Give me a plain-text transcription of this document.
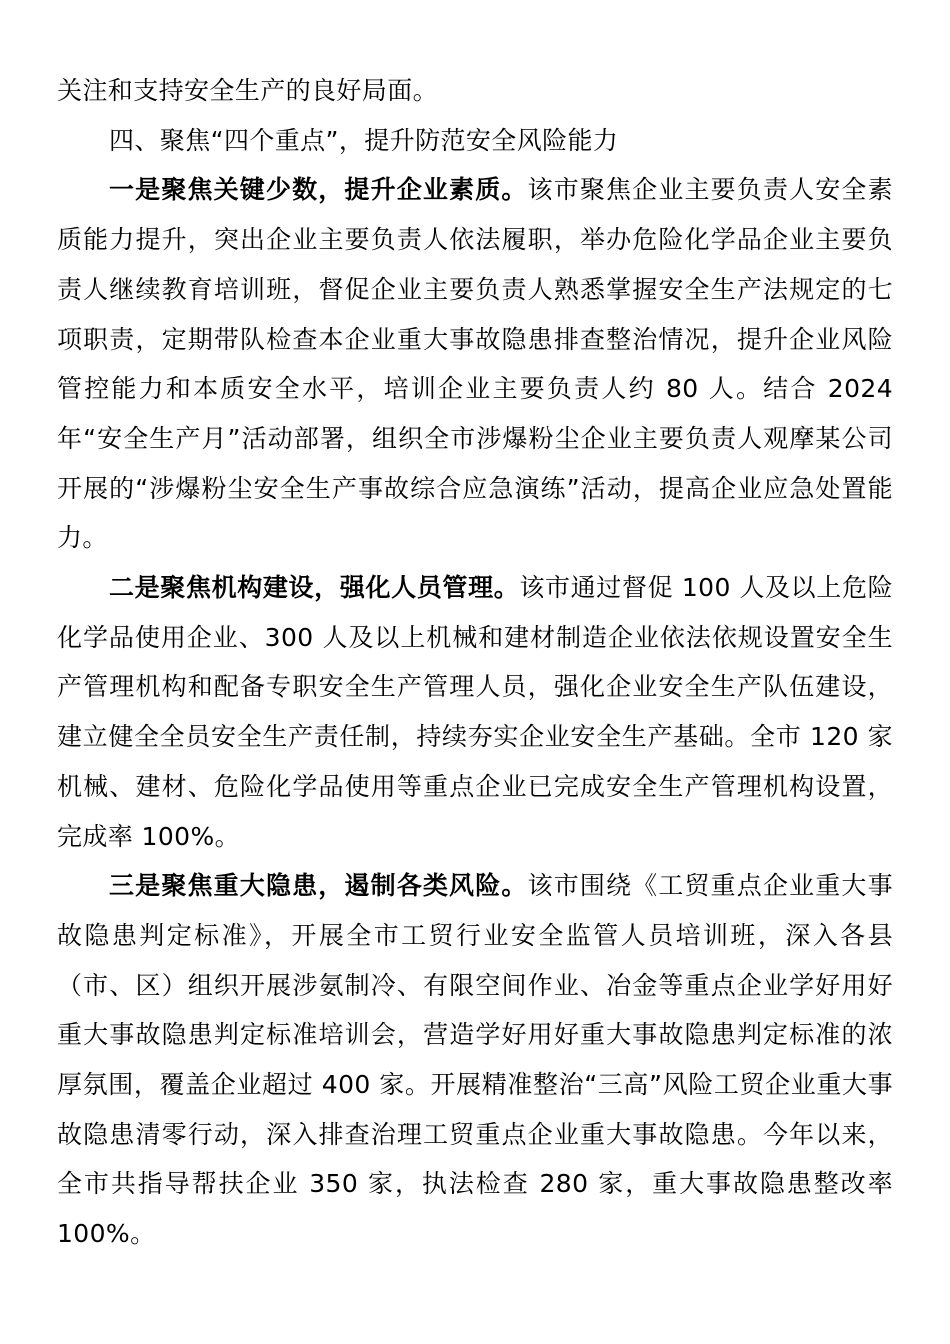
关注和支持安全生产的良好局面。

四、聚焦“四个重点”，提升防范安全风险能力

一是聚焦关键少数，提升企业素质。该市聚焦企业主要负责人安全素质能力提升，突出企业主要负责人依法履职，举办危险化学品企业主要负责人继续教育培训班，督促企业主要负责人熟悉掌握安全生产法规定的七项职责，定期带队检查本企业重大事故隐患排查整治情况，提升企业风险管控能力和本质安全水平，培训企业主要负责人约 80 人。结合 2024 年“安全生产月”活动部署，组织全市涉爆粉尘企业主要负责人观摩某公司开展的“涉爆粉尘安全生产事故综合应急演练”活动，提高企业应急处置能力。

二是聚焦机构建设，强化人员管理。该市通过督促 100 人及以上危险化学品使用企业、300 人及以上机械和建材制造企业依法依规设置安全生产管理机构和配备专职安全生产管理人员，强化企业安全生产队伍建设，建立健全全员安全生产责任制，持续夯实企业安全生产基础。全市 120 家机械、建材、危险化学品使用等重点企业已完成安全生产管理机构设置，完成率 100%。

三是聚焦重大隐患，遏制各类风险。该市围绕《工贸重点企业重大事故隐患判定标准》，开展全市工贸行业安全监管人员培训班，深入各县（市、区）组织开展涉氨制冷、有限空间作业、冶金等重点企业学好用好重大事故隐患判定标准培训会，营造学好用好重大事故隐患判定标准的浓厚氛围，覆盖企业超过 400 家。开展精准整治“三高”风险工贸企业重大事故隐患清零行动，深入排查治理工贸重点企业重大事故隐患。今年以来，全市共指导帮扶企业 350 家，执法检查 280 家，重大事故隐患整改率 100%。
